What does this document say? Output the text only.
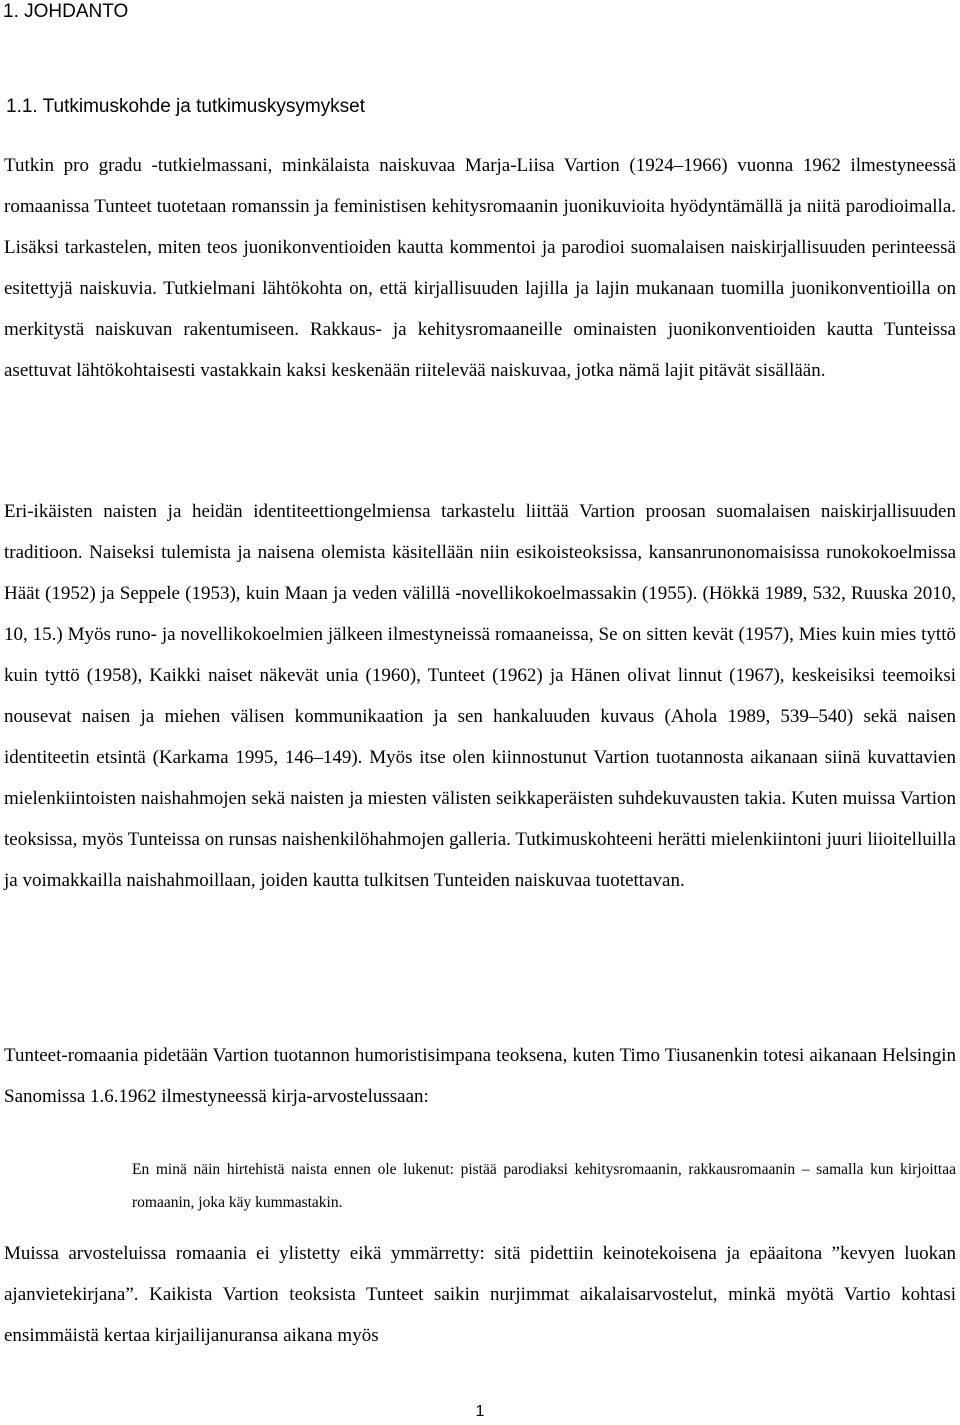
1. JOHDANTO
1.1. Tutkimuskohde ja tutkimuskysymykset

Tutkin pro gradu -tutkielmassani, minkälaista naiskuvaa Marja-Liisa Vartion (1924–1966) vuonna 1962 ilmestyneessä romaanissa Tunteet tuotetaan romanssin ja feministisen kehitysromaanin juonikuvioita hyödyntämällä ja niitä parodioimalla. Lisäksi tarkastelen, miten teos juonikonventioiden kautta kommentoi ja parodioi suomalaisen naiskirjallisuuden perinteessä esitettyjä naiskuvia. Tutkielmani lähtökohta on, että kirjallisuuden lajilla ja lajin mukanaan tuomilla juonikonventioilla on merkitystä naiskuvan rakentumiseen. Rakkaus- ja kehitysromaaneille ominaisten juonikonventioiden kautta Tunteissa asettuvat lähtökohtaisesti vastakkain kaksi keskenään riitelevää naiskuvaa, jotka nämä lajit pitävät sisällään.

Eri-ikäisten naisten ja heidän identiteettiongelmiensa tarkastelu liittää Vartion proosan suomalaisen naiskirjallisuuden traditioon. Naiseksi tulemista ja naisena olemista käsitellään niin esikoisteoksissa, kansanrunonomaisissa runokokoelmissa Häät (1952) ja Seppele (1953), kuin Maan ja veden välillä -novellikokoelmassakin (1955). (Hökkä 1989, 532, Ruuska 2010, 10, 15.) Myös runo- ja novellikokoelmien jälkeen ilmestyneissä romaaneissa, Se on sitten kevät (1957), Mies kuin mies tyttö kuin tyttö (1958), Kaikki naiset näkevät unia (1960), Tunteet (1962) ja Hänen olivat linnut (1967), keskeisiksi teemoiksi nousevat naisen ja miehen välisen kommunikaation ja sen hankaluuden kuvaus (Ahola 1989, 539–540) sekä naisen identiteetin etsintä (Karkama 1995, 146–149). Myös itse olen kiinnostunut Vartion tuotannosta aikanaan siinä kuvattavien mielenkiintoisten naishahmojen sekä naisten ja miesten välisten seikkaperäisten suhdekuvausten takia. Kuten muissa Vartion teoksissa, myös Tunteissa on runsas naishenkilöhahmojen galleria. Tutkimuskohteeni herätti mielenkiintoni juuri liioitelluilla ja voimakkailla naishahmoillaan, joiden kautta tulkitsen Tunteiden naiskuvaa tuotettavan.

Tunteet-romaania pidetään Vartion tuotannon humoristisimpana teoksena, kuten Timo Tiusanenkin totesi aikanaan Helsingin Sanomissa 1.6.1962 ilmestyneessä kirja-arvostelussaan:

En minä näin hirtehistä naista ennen ole lukenut: pistää parodiaksi kehitysromaanin, rakkausromaanin – samalla kun kirjoittaa romaanin, joka käy kummastakin.

Muissa arvosteluissa romaania ei ylistetty eikä ymmärretty: sitä pidettiin keinotekoisena ja epäaitona ”kevyen luokan ajanvietekirjana”. Kaikista Vartion teoksista Tunteet saikin nurjimmat aikalaisarvostelut, minkä myötä Vartio kohtasi ensimmäistä kertaa kirjailijanuransa aikana myös

1
